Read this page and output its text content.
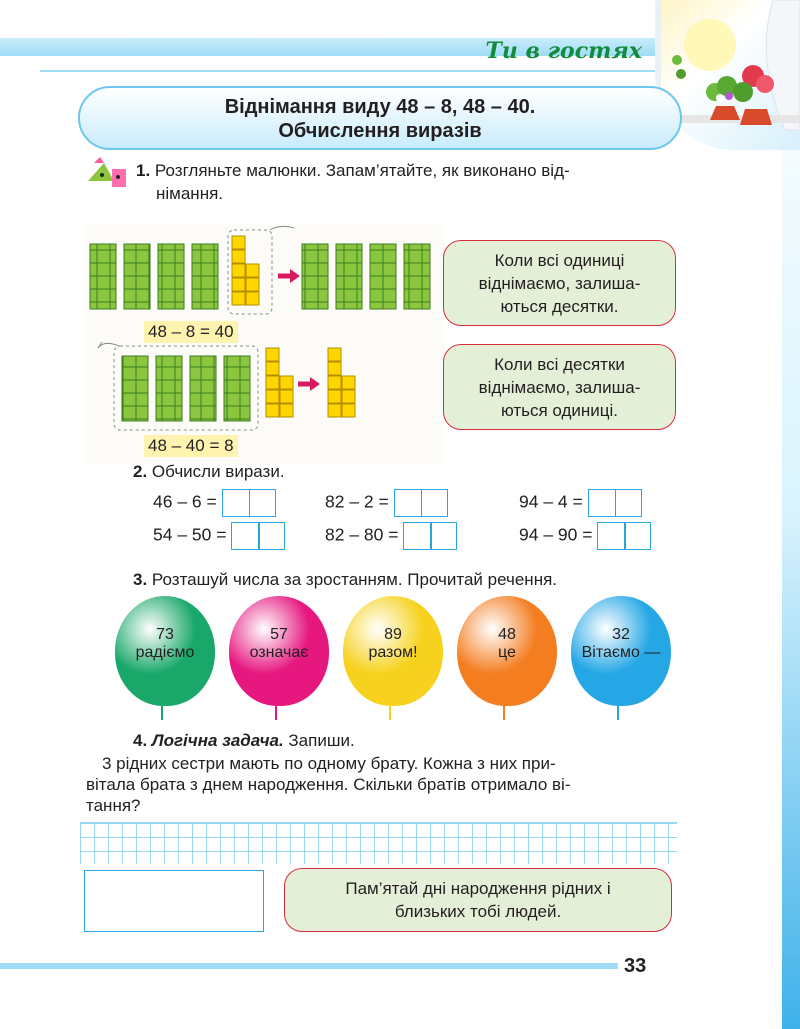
Ти в гостях
Віднімання виду 48 – 8, 48 – 40.
Обчислення виразів
1. Розгляньте малюнки. Запам’ятайте, як виконано від-
німання.
48 – 8 = 40
48 – 40 = 8
Коли всі одиниці
віднімаємо, залиша-
ються десятки.
Коли всі десятки
віднімаємо, залиша-
ються одиниці.
2. Обчисли вирази.
46 – 6 =	82 – 2 =	94 – 4 =
54 – 50 =	82 – 80 =	94 – 90 =
3. Розташуй числа за зростанням. Прочитай речення.
73
радіємо
57
означає
89
разом!
48
це
32
Вітаємо —
4. Логічна задача. Запиши.
3 рідних сестри мають по одному брату. Кожна з них при-
вітала брата з днем народження. Скільки братів отримало ві-
тання?
Пам’ятай дні народження рідних і
близьких тобі людей.
33
